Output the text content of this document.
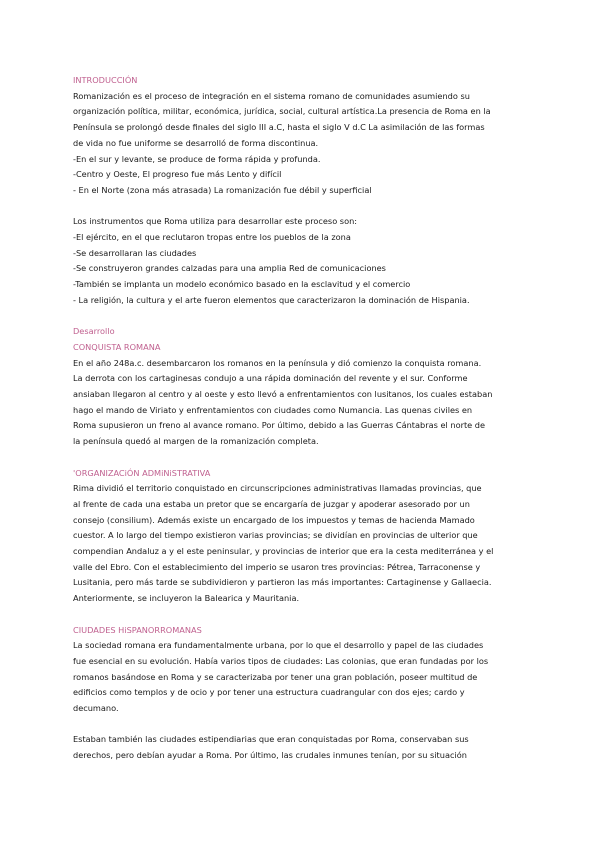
INTRODUCCIÓN

Romanización es el proceso de integración en el sistema romano de comunidades asumiendo su

organización política, militar, económica, jurídica, social, cultural artística.La presencia de Roma en la

Península se prolongó desde finales del siglo III a.C, hasta el siglo V d.C La asimilación de las formas

de vida no fue uniforme se desarrolló de forma discontinua.

-En el sur y levante, se produce de forma rápida y profunda.

-Centro y Oeste, El progreso fue más Lento y difícil

- En el Norte (zona más atrasada) La romanización fue débil y superficial

Los instrumentos que Roma utiliza para desarrollar este proceso son:

-El ejército, en el que reclutaron tropas entre los pueblos de la zona

-Se desarrollaran las ciudades

-Se construyeron grandes calzadas para una amplia Red de comunicaciones

-También se implanta un modelo económico basado en la esclavitud y el comercio

- La religión, la cultura y el arte fueron elementos que caracterizaron la dominación de Hispania.

Desarrollo

CONQUISTA ROMANA

En el año 248a.c. desembarcaron los romanos en la península y dió comienzo la conquista romana.

La derrota con los cartaginesas condujo a una rápida dominación del revente y el sur. Conforme

ansiaban llegaron al centro y al oeste y esto llevó a enfrentamientos con lusitanos, los cuales estaban

hago el mando de Viriato y enfrentamientos con ciudades como Numancia. Las quenas civiles en

Roma supusieron un freno al avance romano. Por último, debido a las Guerras Cántabras el norte de

la península quedó al margen de la romanización completa.

'ORGANIZACiÓN ADMiNiSTRATIVA

Rima dividió el territorio conquistado en circunscripciones administrativas llamadas provincias, que

al frente de cada una estaba un pretor que se encargaría de juzgar y apoderar asesorado por un

consejo (consilium). Además existe un encargado de los impuestos y temas de hacienda Mamado

cuestor. A lo largo del tiempo existieron varias provincias; se dividían en provincias de ulterior que

compendian Andaluz a y el este peninsular, y provincias de interior que era la cesta mediterránea y el

valle del Ebro. Con el establecimiento del imperio se usaron tres provincias: Pétrea, Tarraconense y

Lusitania, pero más tarde se subdividieron y partieron las más importantes: Cartaginense y Gallaecia.

Anteriormente, se incluyeron la Balearica y Mauritania.

CIUDADES HiSPANORROMANAS

La sociedad romana era fundamentalmente urbana, por lo que el desarrollo y papel de las ciudades

fue esencial en su evolución. Había varios tipos de ciudades: Las colonias, que eran fundadas por los

romanos basándose en Roma y se caracterizaba por tener una gran población, poseer multitud de

edificios como templos y de ocio y por tener una estructura cuadrangular con dos ejes; cardo y

decumano.

Estaban también las ciudades estipendiarias que eran conquistadas por Roma, conservaban sus

derechos, pero debían ayudar a Roma. Por último, las crudales inmunes tenían, por su situación
